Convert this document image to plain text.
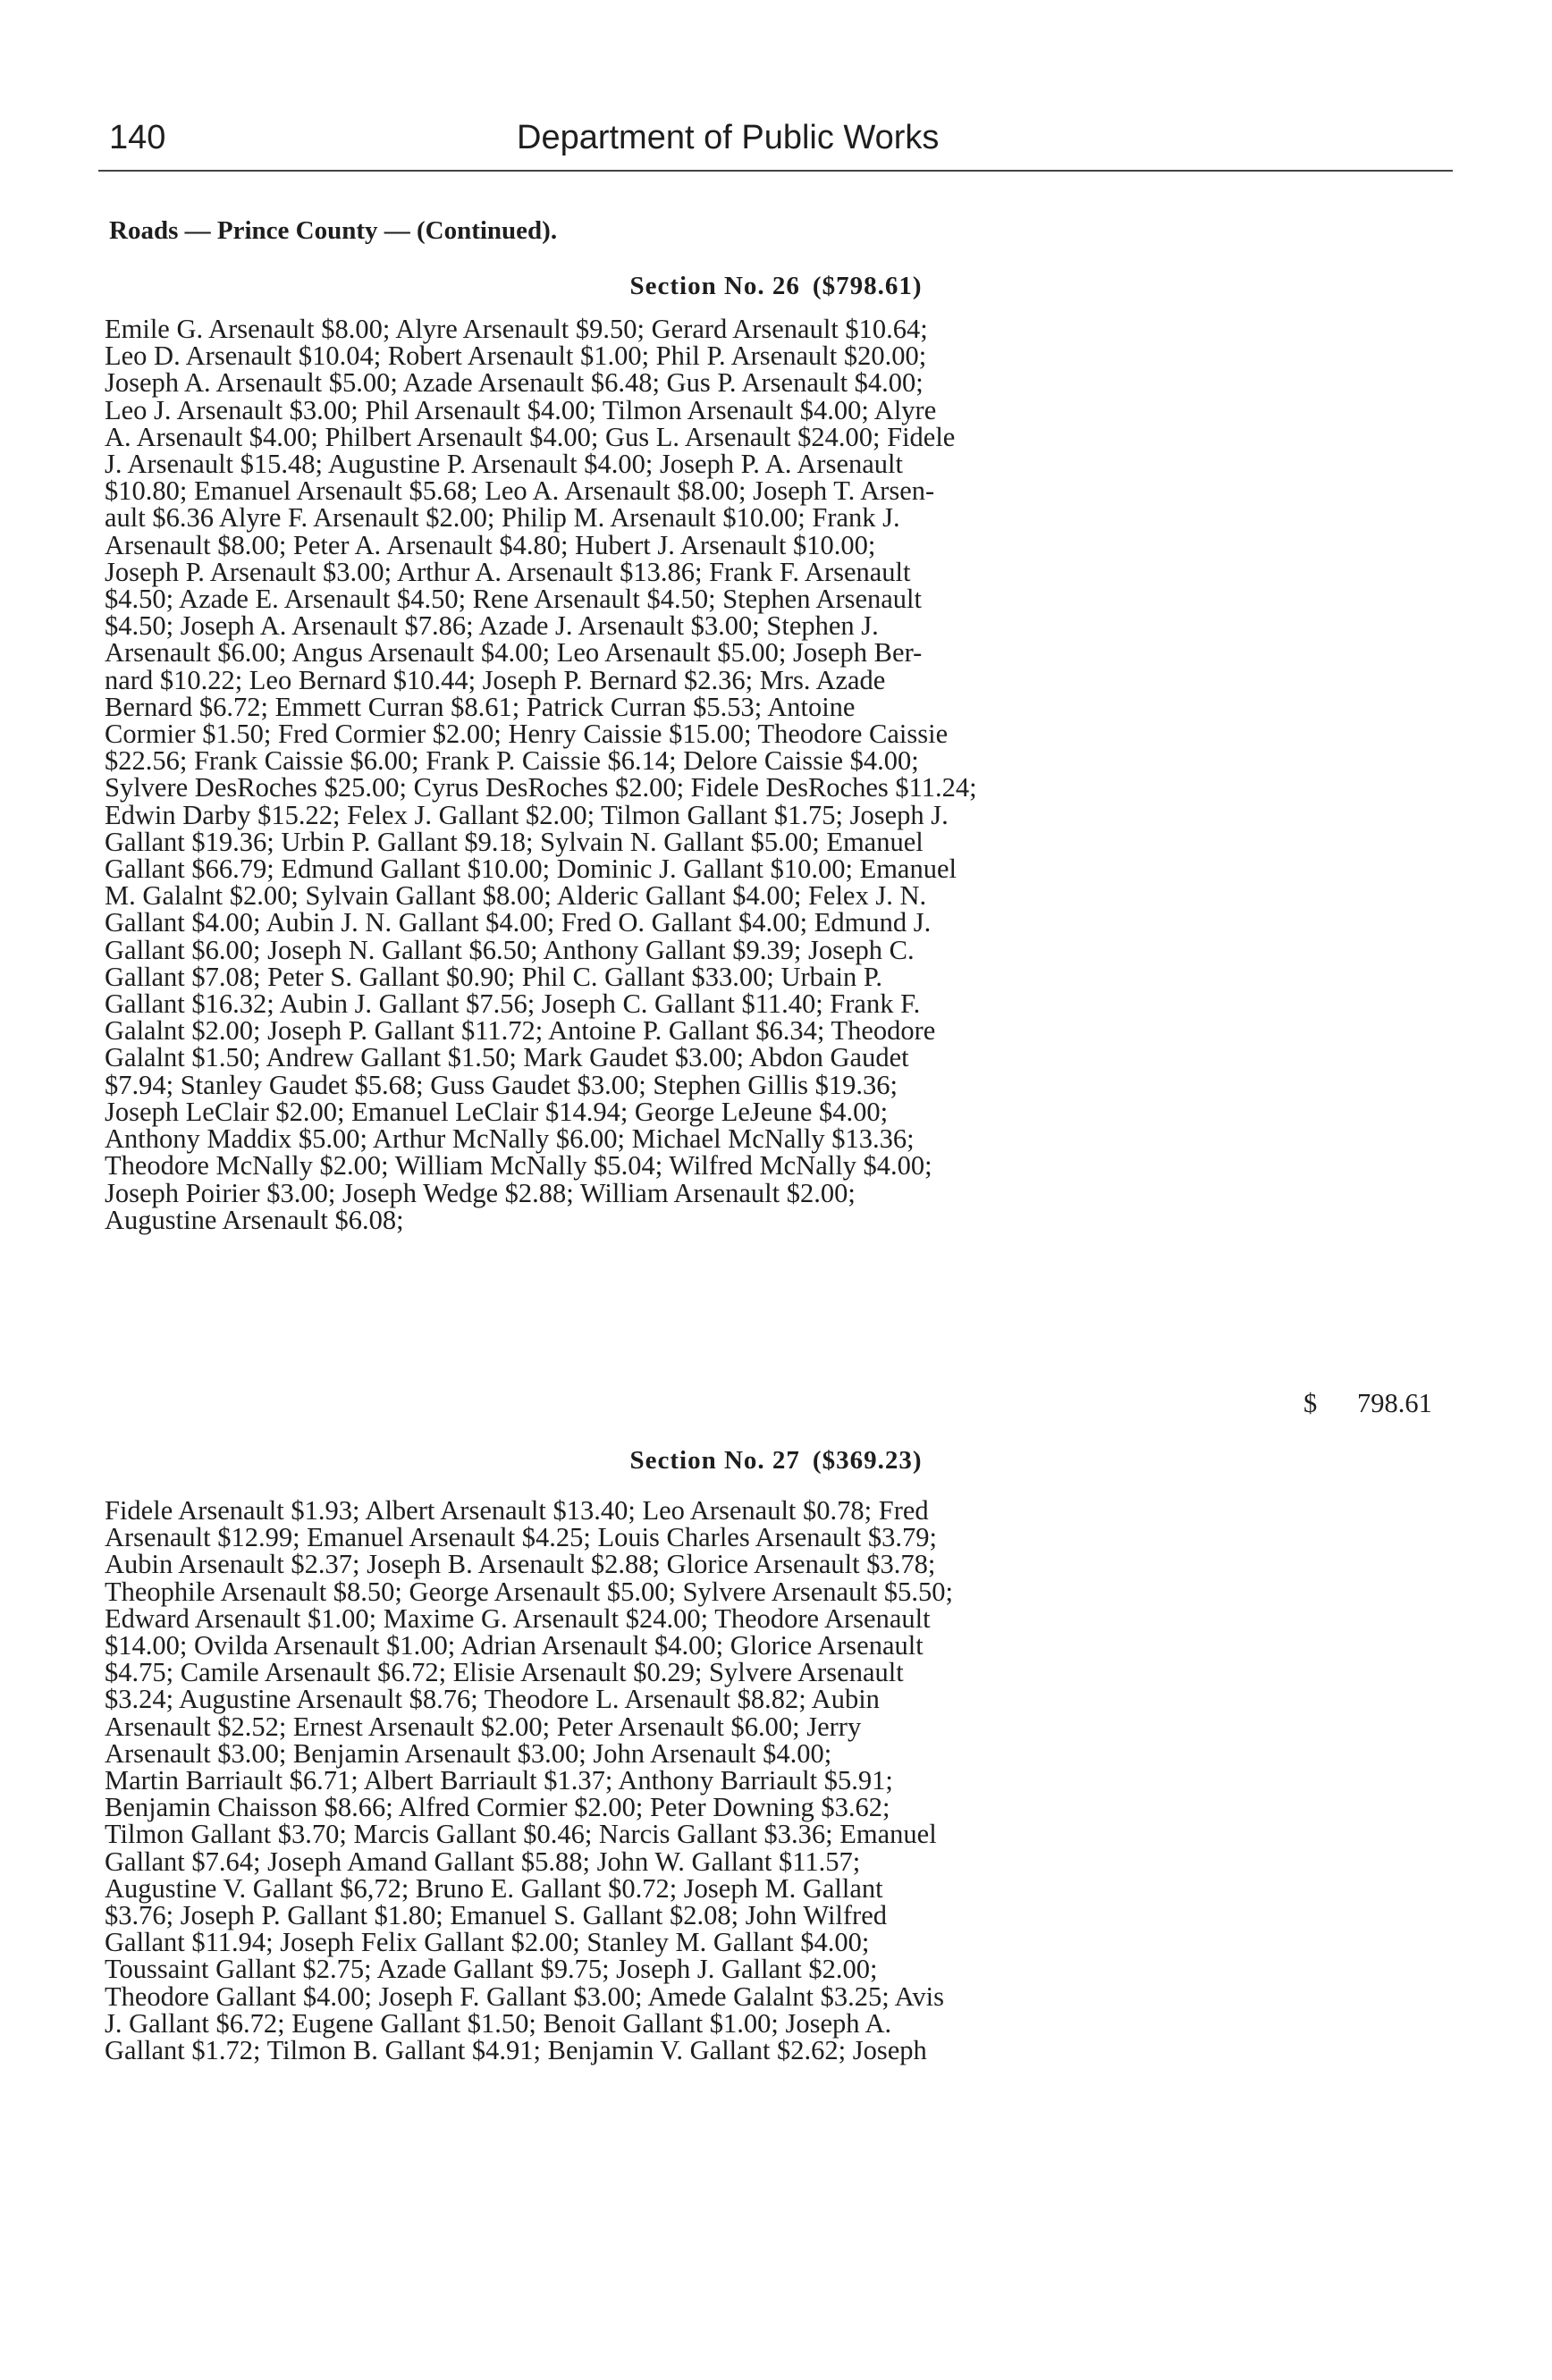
140	Department of Public Works
Roads — Prince County — (Continued).
Section No. 26 ($798.61)
Emile G. Arsenault $8.00; Alyre Arsenault $9.50; Gerard Arsenault $10.64;
Leo D. Arsenault $10.04; Robert Arsenault $1.00; Phil P. Arsenault $20.00;
Joseph A. Arsenault $5.00; Azade Arsenault $6.48; Gus P. Arsenault $4.00;
Leo J. Arsenault $3.00; Phil Arsenault $4.00; Tilmon Arsenault $4.00; Alyre
A. Arsenault $4.00; Philbert Arsenault $4.00; Gus L. Arsenault $24.00; Fidele
J. Arsenault $15.48; Augustine P. Arsenault $4.00; Joseph P. A. Arsenault
$10.80; Emanuel Arsenault $5.68; Leo A. Arsenault $8.00; Joseph T. Arsen-
ault $6.36 Alyre F. Arsenault $2.00; Philip M. Arsenault $10.00; Frank J.
Arsenault $8.00; Peter A. Arsenault $4.80; Hubert J. Arsenault $10.00;
Joseph P. Arsenault $3.00; Arthur A. Arsenault $13.86; Frank F. Arsenault
$4.50; Azade E. Arsenault $4.50; Rene Arsenault $4.50; Stephen Arsenault
$4.50; Joseph A. Arsenault $7.86; Azade J. Arsenault $3.00; Stephen J.
Arsenault $6.00; Angus Arsenault $4.00; Leo Arsenault $5.00; Joseph Ber-
nard $10.22; Leo Bernard $10.44; Joseph P. Bernard $2.36; Mrs. Azade
Bernard $6.72; Emmett Curran $8.61; Patrick Curran $5.53; Antoine
Cormier $1.50; Fred Cormier $2.00; Henry Caissie $15.00; Theodore Caissie
$22.56; Frank Caissie $6.00; Frank P. Caissie $6.14; Delore Caissie $4.00;
Sylvere DesRoches $25.00; Cyrus DesRoches $2.00; Fidele DesRoches $11.24;
Edwin Darby $15.22; Felex J. Gallant $2.00; Tilmon Gallant $1.75; Joseph J.
Gallant $19.36; Urbin P. Gallant $9.18; Sylvain N. Gallant $5.00; Emanuel
Gallant $66.79; Edmund Gallant $10.00; Dominic J. Gallant $10.00; Emanuel
M. Galalnt $2.00; Sylvain Gallant $8.00; Alderic Gallant $4.00; Felex J. N.
Gallant $4.00; Aubin J. N. Gallant $4.00; Fred O. Gallant $4.00; Edmund J.
Gallant $6.00; Joseph N. Gallant $6.50; Anthony Gallant $9.39; Joseph C.
Gallant $7.08; Peter S. Gallant $0.90; Phil C. Gallant $33.00; Urbain P.
Gallant $16.32; Aubin J. Gallant $7.56; Joseph C. Gallant $11.40; Frank F.
Galalnt $2.00; Joseph P. Gallant $11.72; Antoine P. Gallant $6.34; Theodore
Galalnt $1.50; Andrew Gallant $1.50; Mark Gaudet $3.00; Abdon Gaudet
$7.94; Stanley Gaudet $5.68; Guss Gaudet $3.00; Stephen Gillis $19.36;
Joseph LeClair $2.00; Emanuel LeClair $14.94; George LeJeune $4.00;
Anthony Maddix $5.00; Arthur McNally $6.00; Michael McNally $13.36;
Theodore McNally $2.00; William McNally $5.04; Wilfred McNally $4.00;
Joseph Poirier $3.00; Joseph Wedge $2.88; William Arsenault $2.00;
Augustine Arsenault $6.08;
$ 798.61
Section No. 27 ($369.23)
Fidele Arsenault $1.93; Albert Arsenault $13.40; Leo Arsenault $0.78; Fred
Arsenault $12.99; Emanuel Arsenault $4.25; Louis Charles Arsenault $3.79;
Aubin Arsenault $2.37; Joseph B. Arsenault $2.88; Glorice Arsenault $3.78;
Theophile Arsenault $8.50; George Arsenault $5.00; Sylvere Arsenault $5.50;
Edward Arsenault $1.00; Maxime G. Arsenault $24.00; Theodore Arsenault
$14.00; Ovilda Arsenault $1.00; Adrian Arsenault $4.00; Glorice Arsenault
$4.75; Camile Arsenault $6.72; Elisie Arsenault $0.29; Sylvere Arsenault
$3.24; Augustine Arsenault $8.76; Theodore L. Arsenault $8.82; Aubin
Arsenault $2.52; Ernest Arsenault $2.00; Peter Arsenault $6.00; Jerry
Arsenault $3.00; Benjamin Arsenault $3.00; John Arsenault $4.00;
Martin Barriault $6.71; Albert Barriault $1.37; Anthony Barriault $5.91;
Benjamin Chaisson $8.66; Alfred Cormier $2.00; Peter Downing $3.62;
Tilmon Gallant $3.70; Marcis Gallant $0.46; Narcis Gallant $3.36; Emanuel
Gallant $7.64; Joseph Amand Gallant $5.88; John W. Gallant $11.57;
Augustine V. Gallant $6,72; Bruno E. Gallant $0.72; Joseph M. Gallant
$3.76; Joseph P. Gallant $1.80; Emanuel S. Gallant $2.08; John Wilfred
Gallant $11.94; Joseph Felix Gallant $2.00; Stanley M. Gallant $4.00;
Toussaint Gallant $2.75; Azade Gallant $9.75; Joseph J. Gallant $2.00;
Theodore Gallant $4.00; Joseph F. Gallant $3.00; Amede Galalnt $3.25; Avis
J. Gallant $6.72; Eugene Gallant $1.50; Benoit Gallant $1.00; Joseph A.
Gallant $1.72; Tilmon B. Gallant $4.91; Benjamin V. Gallant $2.62; Joseph
